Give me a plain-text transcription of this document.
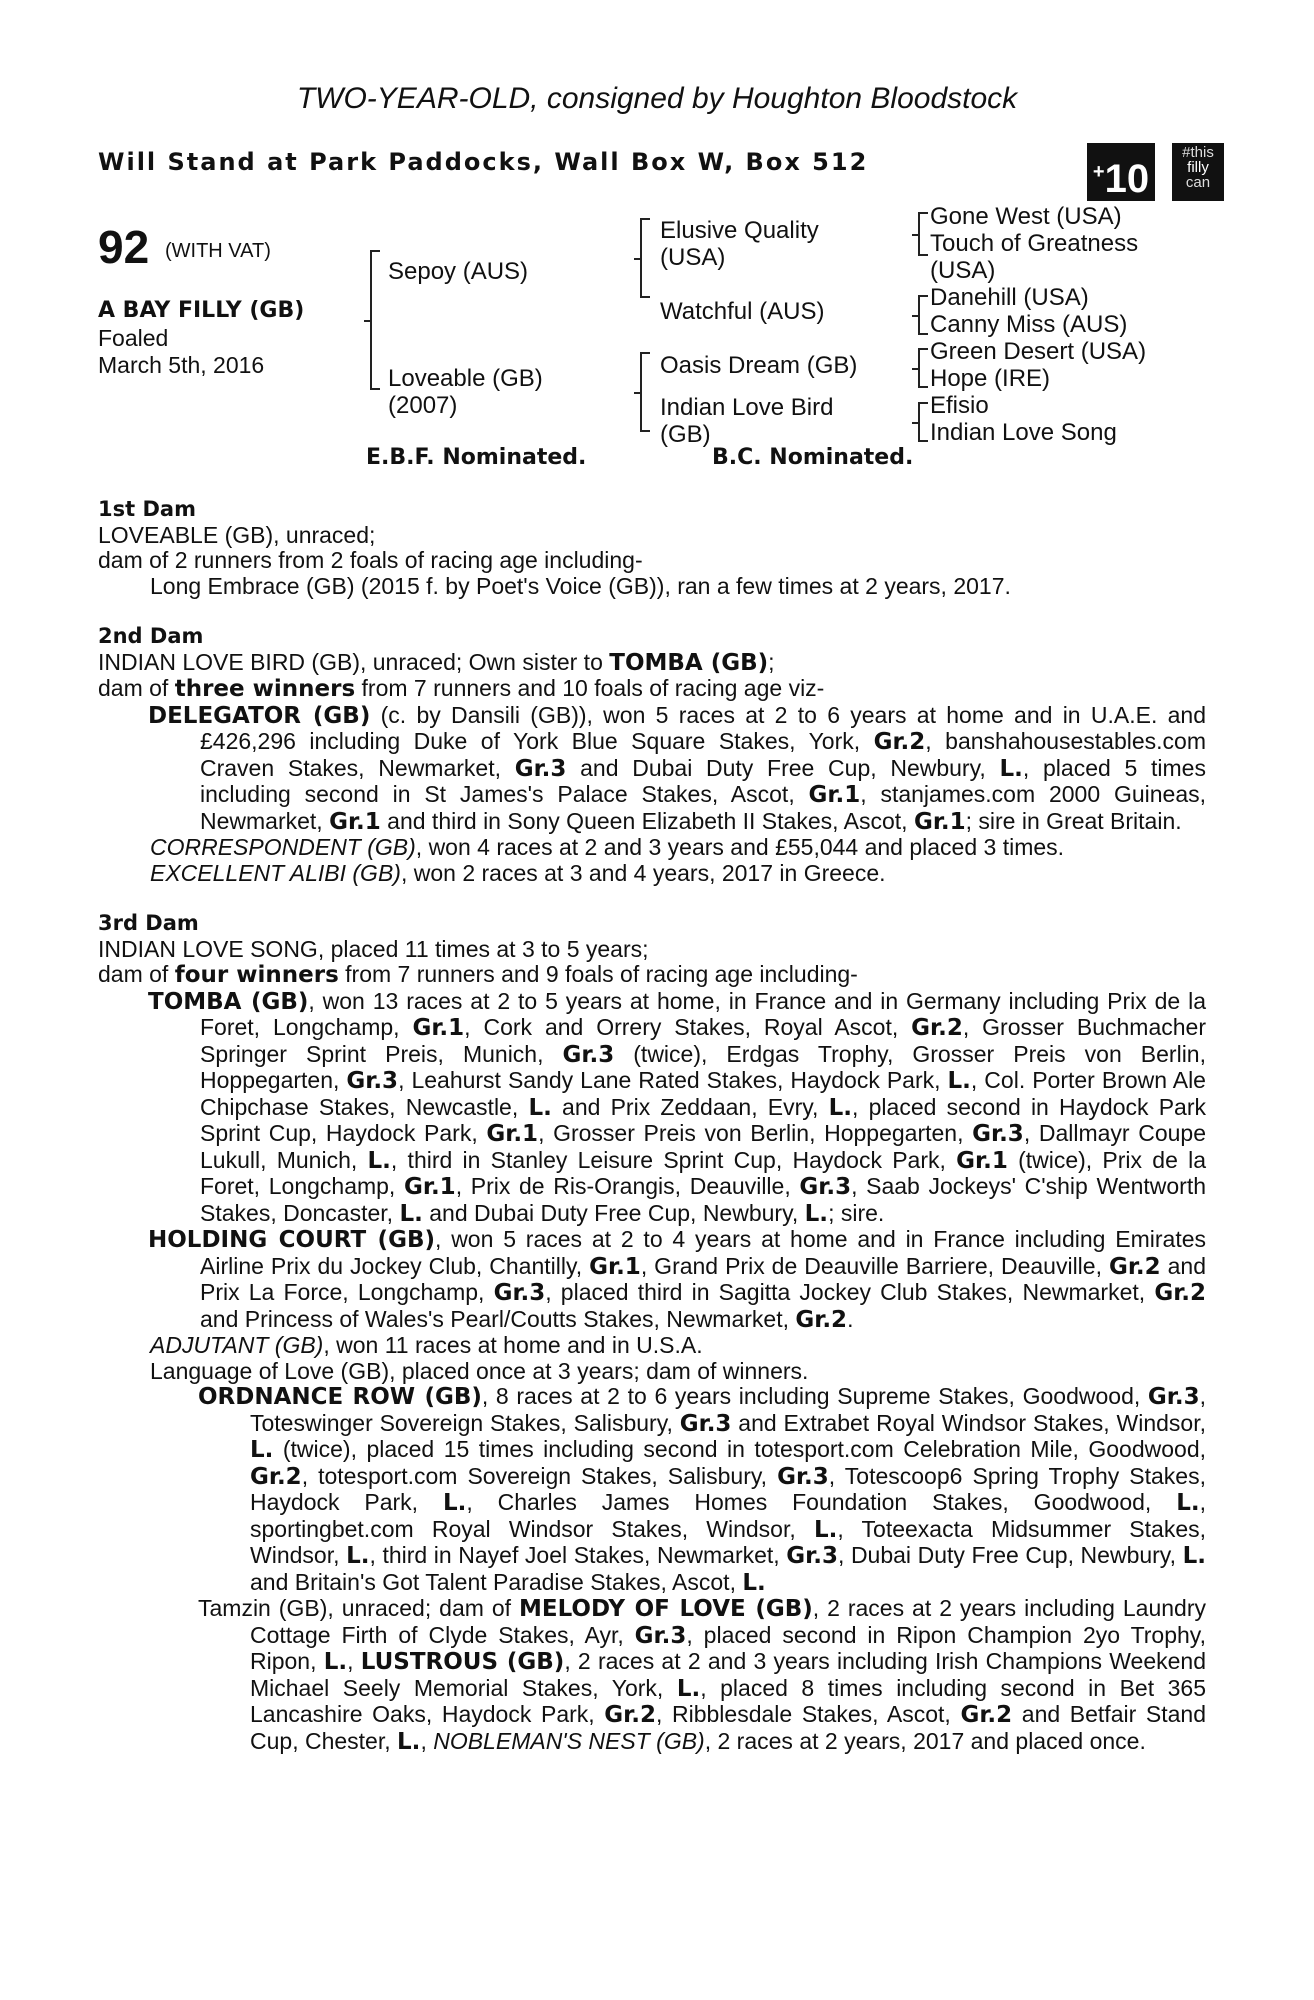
TWO-YEAR-OLD, consigned by Houghton Bloodstock
Will Stand at Park Paddocks, Wall Box W, Box 512	+10
#this
filly
can
92 (WITH VAT)
A BAY FILLY (GB)
Foaled
March 5th, 2016
Sepoy (AUS)
Loveable (GB)
(2007)
Elusive Quality
(USA)
Watchful (AUS)
Oasis Dream (GB)
Indian Love Bird
(GB)
Gone West (USA)
Touch of Greatness
(USA)
Danehill (USA)
Canny Miss (AUS)
Green Desert (USA)
Hope (IRE)
Efisio
Indian Love Song
E.B.F. Nominated.	B.C. Nominated.
1st Dam
LOVEABLE (GB), unraced;
dam of 2 runners from 2 foals of racing age including-
Long Embrace (GB) (2015 f. by Poet's Voice (GB)), ran a few times at 2 years, 2017.
2nd Dam
INDIAN LOVE BIRD (GB), unraced; Own sister to TOMBA (GB);
dam of three winners from 7 runners and 10 foals of racing age viz-
DELEGATOR (GB) (c. by Dansili (GB)), won 5 races at 2 to 6 years at home and in U.A.E. and £426,296 including Duke of York Blue Square Stakes, York, Gr.2, banshahousestables.com Craven Stakes, Newmarket, Gr.3 and Dubai Duty Free Cup, Newbury, L., placed 5 times including second in St James's Palace Stakes, Ascot, Gr.1, stanjames.com 2000 Guineas, Newmarket, Gr.1 and third in Sony Queen Elizabeth II Stakes, Ascot, Gr.1; sire in Great Britain.
CORRESPONDENT (GB), won 4 races at 2 and 3 years and £55,044 and placed 3 times.
EXCELLENT ALIBI (GB), won 2 races at 3 and 4 years, 2017 in Greece.
3rd Dam
INDIAN LOVE SONG, placed 11 times at 3 to 5 years;
dam of four winners from 7 runners and 9 foals of racing age including-
TOMBA (GB), won 13 races at 2 to 5 years at home, in France and in Germany including Prix de la Foret, Longchamp, Gr.1, Cork and Orrery Stakes, Royal Ascot, Gr.2, Grosser Buchmacher Springer Sprint Preis, Munich, Gr.3 (twice), Erdgas Trophy, Grosser Preis von Berlin, Hoppegarten, Gr.3, Leahurst Sandy Lane Rated Stakes, Haydock Park, L., Col. Porter Brown Ale Chipchase Stakes, Newcastle, L. and Prix Zeddaan, Evry, L., placed second in Haydock Park Sprint Cup, Haydock Park, Gr.1, Grosser Preis von Berlin, Hoppegarten, Gr.3, Dallmayr Coupe Lukull, Munich, L., third in Stanley Leisure Sprint Cup, Haydock Park, Gr.1 (twice), Prix de la Foret, Longchamp, Gr.1, Prix de Ris-Orangis, Deauville, Gr.3, Saab Jockeys' C'ship Wentworth Stakes, Doncaster, L. and Dubai Duty Free Cup, Newbury, L.; sire.
HOLDING COURT (GB), won 5 races at 2 to 4 years at home and in France including Emirates Airline Prix du Jockey Club, Chantilly, Gr.1, Grand Prix de Deauville Barriere, Deauville, Gr.2 and Prix La Force, Longchamp, Gr.3, placed third in Sagitta Jockey Club Stakes, Newmarket, Gr.2 and Princess of Wales's Pearl/Coutts Stakes, Newmarket, Gr.2.
ADJUTANT (GB), won 11 races at home and in U.S.A.
Language of Love (GB), placed once at 3 years; dam of winners.
ORDNANCE ROW (GB), 8 races at 2 to 6 years including Supreme Stakes, Goodwood, Gr.3, Toteswinger Sovereign Stakes, Salisbury, Gr.3 and Extrabet Royal Windsor Stakes, Windsor, L. (twice), placed 15 times including second in totesport.com Celebration Mile, Goodwood, Gr.2, totesport.com Sovereign Stakes, Salisbury, Gr.3, Totescoop6 Spring Trophy Stakes, Haydock Park, L., Charles James Homes Foundation Stakes, Goodwood, L., sportingbet.com Royal Windsor Stakes, Windsor, L., Toteexacta Midsummer Stakes, Windsor, L., third in Nayef Joel Stakes, Newmarket, Gr.3, Dubai Duty Free Cup, Newbury, L. and Britain's Got Talent Paradise Stakes, Ascot, L.
Tamzin (GB), unraced; dam of MELODY OF LOVE (GB), 2 races at 2 years including Laundry Cottage Firth of Clyde Stakes, Ayr, Gr.3, placed second in Ripon Champion 2yo Trophy, Ripon, L., LUSTROUS (GB), 2 races at 2 and 3 years including Irish Champions Weekend Michael Seely Memorial Stakes, York, L., placed 8 times including second in Bet 365 Lancashire Oaks, Haydock Park, Gr.2, Ribblesdale Stakes, Ascot, Gr.2 and Betfair Stand Cup, Chester, L., NOBLEMAN'S NEST (GB), 2 races at 2 years, 2017 and placed once.
